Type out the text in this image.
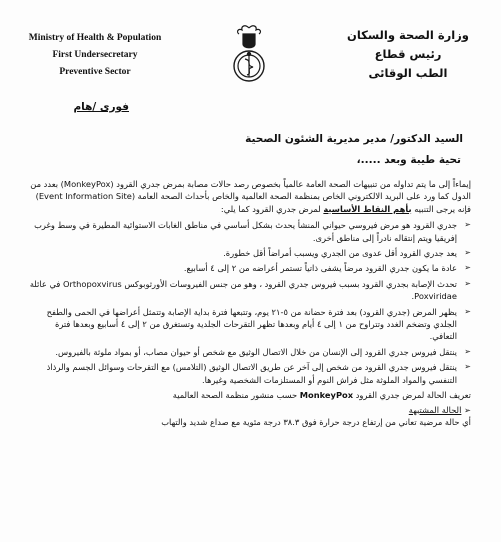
Ministry of Health & Population
First Undersecretary
Preventive Sector
وزارة الصحة والسكان
رئيس قطاع
الطب الوقائى
فورى /هام
السيد الدكتور/ مدير مديرية الشئون الصحية
تحية طيبة وبعد .....،

إيماءاً إلى ما يتم تداوله من تنبيهات الصحة العامة عالمياً بخصوص رصد حالات مصابة بمرض جدري القرود (MonkeyPox) بعدد من الدول كما ورد على البريد الالكتروني الخاص بمنظمة الصحة العالمية والخاص بأحداث الصحة العامة (Event Information Site) فإنه يرجى التنبيه بأهم النقاط الأساسية لمرض جدري القرود كما يلي:

➢
جدري القرود هو مرض فيروسي حيواني المنشأ يحدث بشكل أساسي في مناطق الغابات الاستوائية المطيرة في وسط وغرب إفريقيا ويتم إنتقاله نادراً إلى مناطق أخرى.
➢
يعد جدري القرود أقل عدوى من الجدري ويسبب أمراضاً أقل خطورة.
➢
عادة ما يكون جدري القرود مرضاً يشفى ذاتياً تستمر أعراضه من ٢ إلى ٤ أسابيع.
➢
تحدث الإصابة بجدري القرود بسبب فيروس جدري القرود ، وهو من جنس الفيروسات الأورثوبوكس Orthopoxvirus في عائلة Poxviridae.
➢
يظهر المرض (جدري القرود) بعد فترة حضانة من ٥-٢١ يوم، وتتبعها فترة بداية الإصابة وتتمثل أعراضها في الحمى والطفح الجلدي وتضخم الغدد وتتراوح من ١ إلى ٤ أيام وبعدها تظهر التقرحات الجلدية وتستغرق من ٢ إلى ٤ أسابيع وبعدها فترة التعافي.
➢
ينتقل فيروس جدري القرود إلى الإنسان من خلال الاتصال الوثيق مع شخص أو حيوان مصاب، أو بمواد ملوثة بالفيروس.
➢
ينتقل فيروس جدري القرود من شخص إلى آخر عن طريق الاتصال الوثيق (التلامس) مع التقرحات وسوائل الجسم والرذاذ التنفسي والمواد الملوثة مثل فراش النوم أو المستلزمات الشخصية وغيرها.
تعريف الحالة لمرض جدري القرود MonkeyPox حسب منشور منظمة الصحة العالمية
➢ الحالة المشتبهة
أي حالة مرضية تعاني من إرتفاع درجة حرارة فوق ٣٨.٣ درجة مئوية مع صداع شديد والتهاب
